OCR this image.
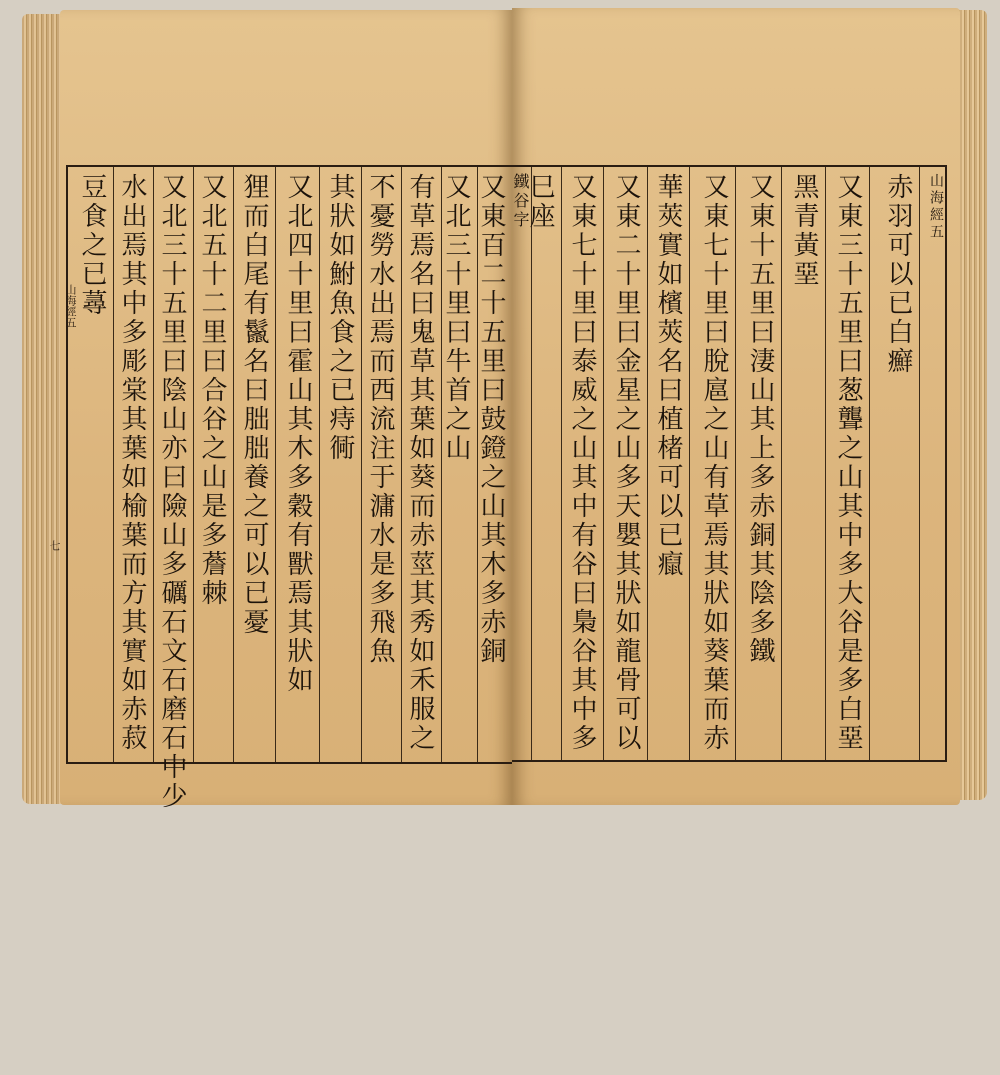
豆食之已蕁 水出焉其中多彫棠其葉如榆葉而方其實如赤菽 又北三十五里曰陰山亦曰險山多礪石文石磨石中少 又北五十二里曰合谷之山是多薝棘 狸而白尾有鬣名曰朏朏養之可以已憂 又北四十里曰霍山其木多穀有獸焉其狀如 其狀如鮒魚食之已痔衕 不憂勞水出焉而西流注于滽水是多飛魚 有草焉名曰鬼草其葉如葵而赤莖其秀如禾服之 又北三十里曰牛首之山 又東百二十五里曰鼓鐙之山其木多赤銅
山海經五
七
鐵谷字
巳座 又東七十里曰泰威之山其中有谷曰梟谷其中多 又東二十里曰金星之山多天嬰其狀如龍骨可以 華莢實如檳莢名曰植楮可以已癙 又東七十里曰脫扈之山有草焉其狀如葵葉而赤 又東十五里曰淒山其上多赤銅其陰多鐵 黑青黃堊 又東三十五里曰葱聾之山其中多大谷是多白堊 赤羽可以已白癬	山海經五
